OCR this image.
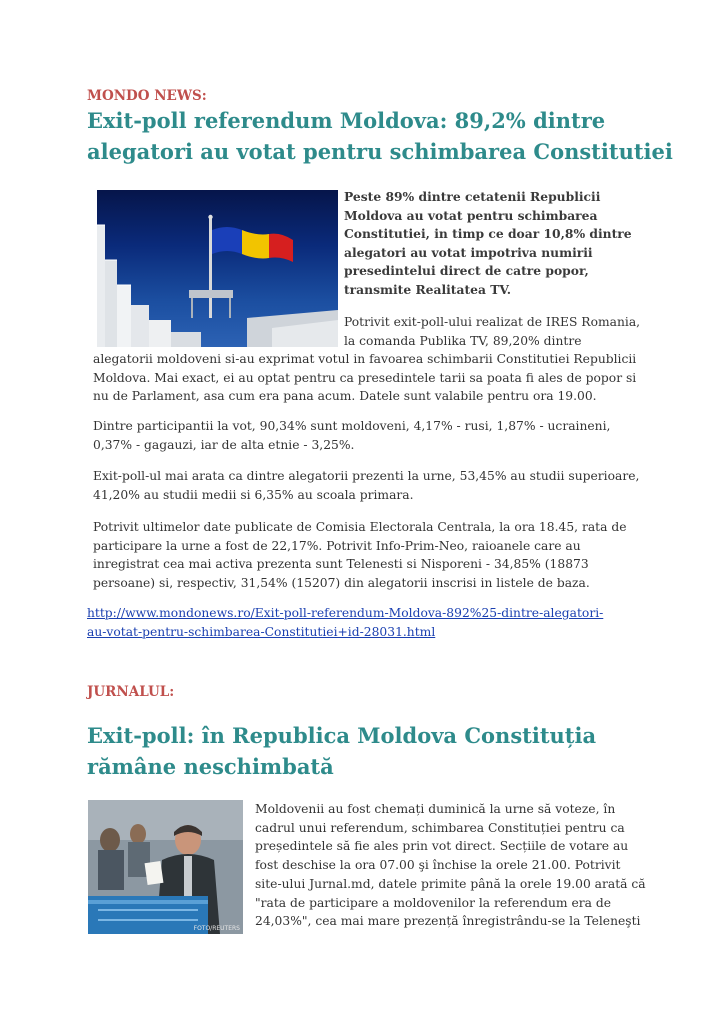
MONDO NEWS:
Exit-poll referendum Moldova: 89,2% dintre
alegatori au votat pentru schimbarea Constitutiei
Peste 89% dintre cetatenii Republicii
Moldova au votat pentru schimbarea
Constitutiei, in timp ce doar 10,8% dintre
alegatori au votat impotriva numirii
presedintelui direct de catre popor,
transmite Realitatea TV.
Potrivit exit-poll-ului realizat de IRES Romania,
la comanda Publika TV, 89,20% dintre
alegatorii moldoveni si-au exprimat votul in favoarea schimbarii Constitutiei Republicii
Moldova. Mai exact, ei au optat pentru ca presedintele tarii sa poata fi ales de popor si
nu de Parlament, asa cum era pana acum. Datele sunt valabile pentru ora 19.00.
Dintre participantii la vot, 90,34% sunt moldoveni, 4,17% - rusi, 1,87% - ucraineni,
0,37% - gagauzi, iar de alta etnie - 3,25%.
Exit-poll-ul mai arata ca dintre alegatorii prezenti la urne, 53,45% au studii superioare,
41,20% au studii medii si 6,35% au scoala primara.
Potrivit ultimelor date publicate de Comisia Electorala Centrala, la ora 18.45, rata de
participare la urne a fost de 22,17%. Potrivit Info-Prim-Neo, raioanele care au
inregistrat cea mai activa prezenta sunt Telenesti si Nisporeni - 34,85% (18873
persoane) si, respectiv, 31,54% (15207) din alegatorii inscrisi in listele de baza.
http://www.mondonews.ro/Exit-poll-referendum-Moldova-892%25-dintre-alegatori-
au-votat-pentru-schimbarea-Constitutiei+id-28031.html
JURNALUL:
Exit-poll: în Republica Moldova Constituția
rămâne neschimbată
FOTO/REUTERS
Moldovenii au fost chemați duminică la urne să voteze, în
cadrul unui referendum, schimbarea Constituției pentru ca
președintele să fie ales prin vot direct. Secțiile de votare au
fost deschise la ora 07.00 şi închise la orele 21.00. Potrivit
site-ului Jurnal.md, datele primite până la orele 19.00 arată că
"rata de participare a moldovenilor la referendum era de
24,03%", cea mai mare prezență înregistrându-se la Teleneşti
